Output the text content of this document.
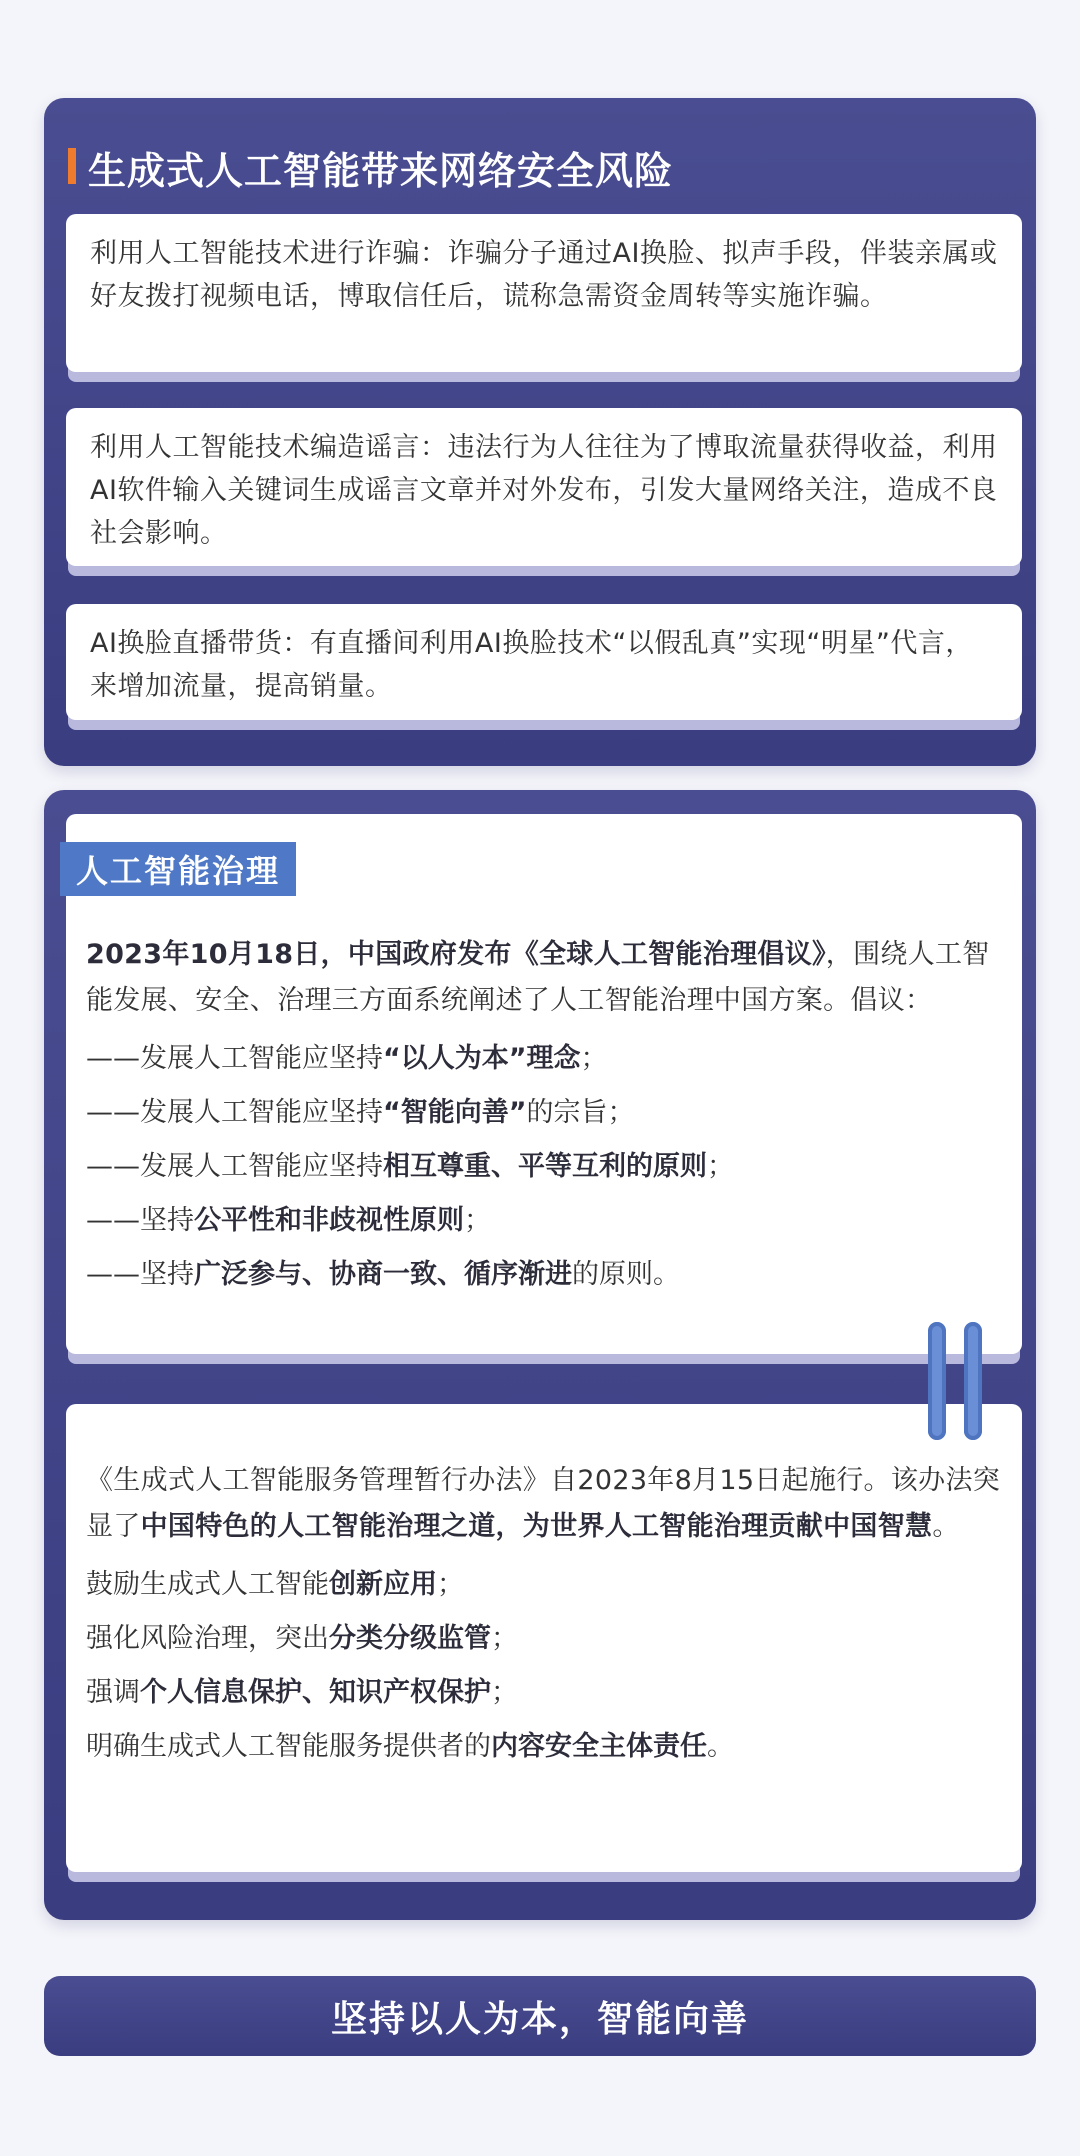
生成式人工智能带来网络安全风险

利用人工智能技术进行诈骗：诈骗分子通过AI换脸、拟声手段，伴装亲属或好友拨打视频电话，博取信任后，谎称急需资金周转等实施诈骗。

利用人工智能技术编造谣言：违法行为人往往为了博取流量获得收益，利用AI软件输入关键词生成谣言文章并对外发布，引发大量网络关注，造成不良社会影响。

AI换脸直播带货：有直播间利用AI换脸技术“以假乱真”实现“明星”代言，来增加流量，提高销量。

2023年10月18日，中国政府发布《全球人工智能治理倡议》，围绕人工智能发展、安全、治理三方面系统阐述了人工智能治理中国方案。倡议：

——发展人工智能应坚持“以人为本”理念；

——发展人工智能应坚持“智能向善”的宗旨；

——发展人工智能应坚持相互尊重、平等互利的原则；

——坚持公平性和非歧视性原则；

——坚持广泛参与、协商一致、循序渐进的原则。

人工智能治理

《生成式人工智能服务管理暂行办法》自2023年8月15日起施行。该办法突显了中国特色的人工智能治理之道，为世界人工智能治理贡献中国智慧。

鼓励生成式人工智能创新应用；

强化风险治理，突出分类分级监管；

强调个人信息保护、知识产权保护；

明确生成式人工智能服务提供者的内容安全主体责任。

坚持以人为本，智能向善
